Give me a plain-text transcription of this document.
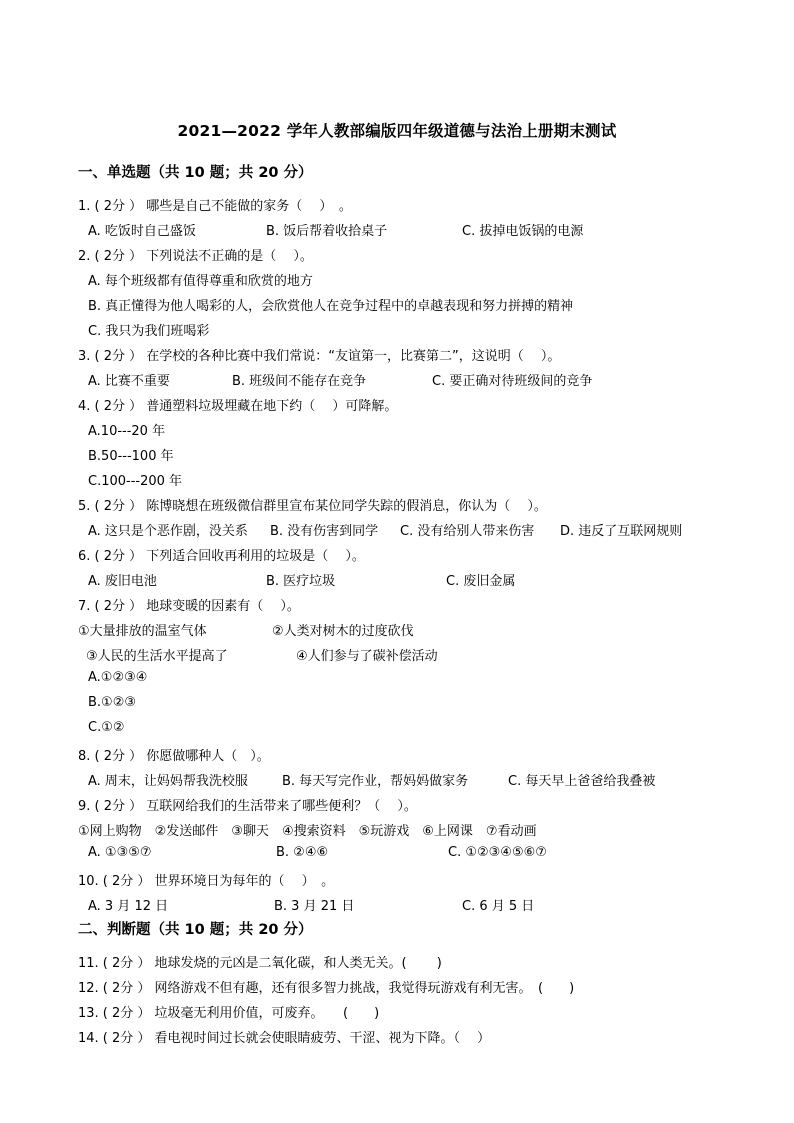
2021—2022 学年人教部编版四年级道德与法治上册期末测试
一、单选题（共 10 题；共 20 分）
1. ( 2分 ） 哪些是自己不能做的家务（　 ）　。
A. 吃饭时自己盛饭	B. 饭后帮着收拾桌子	C. 拔掉电饭锅的电源
2. ( 2分 ） 下列说法不正确的是（　 ）。
A. 每个班级都有值得尊重和欣赏的地方
B. 真正懂得为他人喝彩的人，会欣赏他人在竞争过程中的卓越表现和努力拼搏的精神
C. 我只为我们班喝彩
3. ( 2分 ） 在学校的各种比赛中我们常说：“友谊第一，比赛第二”，这说明（　 ）。
A. 比赛不重要	B. 班级间不能存在竞争	C. 要正确对待班级间的竞争
4. ( 2分 ） 普通塑料垃圾埋藏在地下约（　 ）可降解。
A.10---20 年
B.50---100 年
C.100---200 年
5. ( 2分 ） 陈博晓想在班级微信群里宣布某位同学失踪的假消息，你认为（　 ）。
A. 这只是个恶作剧，没关系 B. 没有伤害到同学 C. 没有给别人带来伤害 D. 违反了互联网规则
6. ( 2分 ） 下列适合回收再利用的垃圾是（　 ）。
A. 废旧电池	B. 医疗垃圾	C. 废旧金属
7. ( 2分 ） 地球变暖的因素有（　 ）。
①大量排放的温室气体	②人类对树木的过度砍伐
③人民的生活水平提高了	④人们参与了碳补偿活动
A.①②③④
B.①②③
C.①②
8. ( 2分 ） 你愿做哪种人（　）。
A. 周末，让妈妈帮我洗校服	B. 每天写完作业，帮妈妈做家务	C. 每天早上爸爸给我叠被
9. ( 2分 ） 互联网给我们的生活带来了哪些便利？（　 ）。
①网上购物　②发送邮件　③聊天　④搜索资料　⑤玩游戏　⑥上网课　⑦看动画
A. ①③⑤⑦	B. ②④⑥	C. ①②③④⑤⑥⑦
10. ( 2分 ） 世界环境日为每年的（　 ）　。
A. 3 月 12 日	B. 3 月 21 日	C. 6 月 5 日
二、判断题（共 10 题；共 20 分）
11. ( 2分 ） 地球发烧的元凶是二氧化碳，和人类无关。(　 　)
12. ( 2分 ） 网络游戏不但有趣，还有很多智力挑战，我觉得玩游戏有利无害。　(　　)
13. ( 2分 ） 垃圾毫无利用价值，可废弃。　　(　　)
14. ( 2分 ） 看电视时间过长就会使眼睛疲劳、干涩、视为下降。（　 ）
